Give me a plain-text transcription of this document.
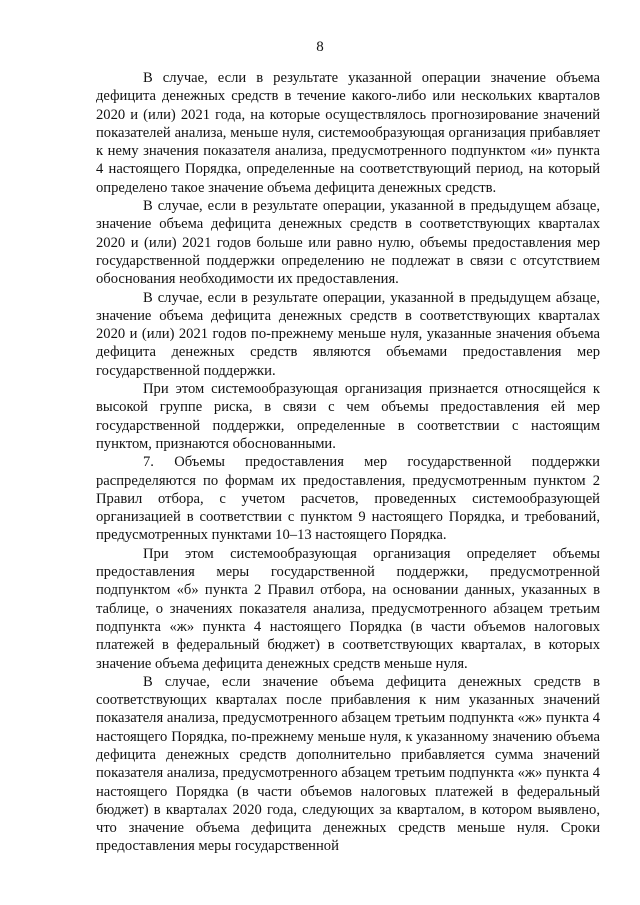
8

В случае, если в результате указанной операции значение объема дефицита денежных средств в течение какого-либо или нескольких кварталов 2020 и (или) 2021 года, на которые осуществлялось прогнозирование значений показателей анализа, меньше нуля, системообразующая организация прибавляет к нему значения показателя анализа, предусмотренного подпунктом «и» пункта 4 настоящего Порядка, определенные на соответствующий период, на который определено такое значение объема дефицита денежных средств.

В случае, если в результате операции, указанной в предыдущем абзаце, значение объема дефицита денежных средств в соответствующих кварталах 2020 и (или) 2021 годов больше или равно нулю, объемы предоставления мер государственной поддержки определению не подлежат в связи с отсутствием обоснования необходимости их предоставления.

В случае, если в результате операции, указанной в предыдущем абзаце, значение объема дефицита денежных средств в соответствующих кварталах 2020 и (или) 2021 годов по-прежнему меньше нуля, указанные значения объема дефицита денежных средств являются объемами предоставления мер государственной поддержки.

При этом системообразующая организация признается относящейся к высокой группе риска, в связи с чем объемы предоставления ей мер государственной поддержки, определенные в соответствии с настоящим пунктом, признаются обоснованными.

7. Объемы предоставления мер государственной поддержки распределяются по формам их предоставления, предусмотренным пунктом 2 Правил отбора, с учетом расчетов, проведенных системообразующей организацией в соответствии с пунктом 9 настоящего Порядка, и требований, предусмотренных пунктами 10–13 настоящего Порядка.

При этом системообразующая организация определяет объемы предоставления меры государственной поддержки, предусмотренной подпунктом «б» пункта 2 Правил отбора, на основании данных, указанных в таблице, о значениях показателя анализа, предусмотренного абзацем третьим подпункта «ж» пункта 4 настоящего Порядка (в части объемов налоговых платежей в федеральный бюджет) в соответствующих кварталах, в которых значение объема дефицита денежных средств меньше нуля.

В случае, если значение объема дефицита денежных средств в соответствующих кварталах после прибавления к ним указанных значений показателя анализа, предусмотренного абзацем третьим подпункта «ж» пункта 4 настоящего Порядка, по-прежнему меньше нуля, к указанному значению объема дефицита денежных средств дополнительно прибавляется сумма значений показателя анализа, предусмотренного абзацем третьим подпункта «ж» пункта 4 настоящего Порядка (в части объемов налоговых платежей в федеральный бюджет) в кварталах 2020 года, следующих за кварталом, в котором выявлено, что значение объема дефицита денежных средств меньше нуля. Сроки предоставления меры государственной
